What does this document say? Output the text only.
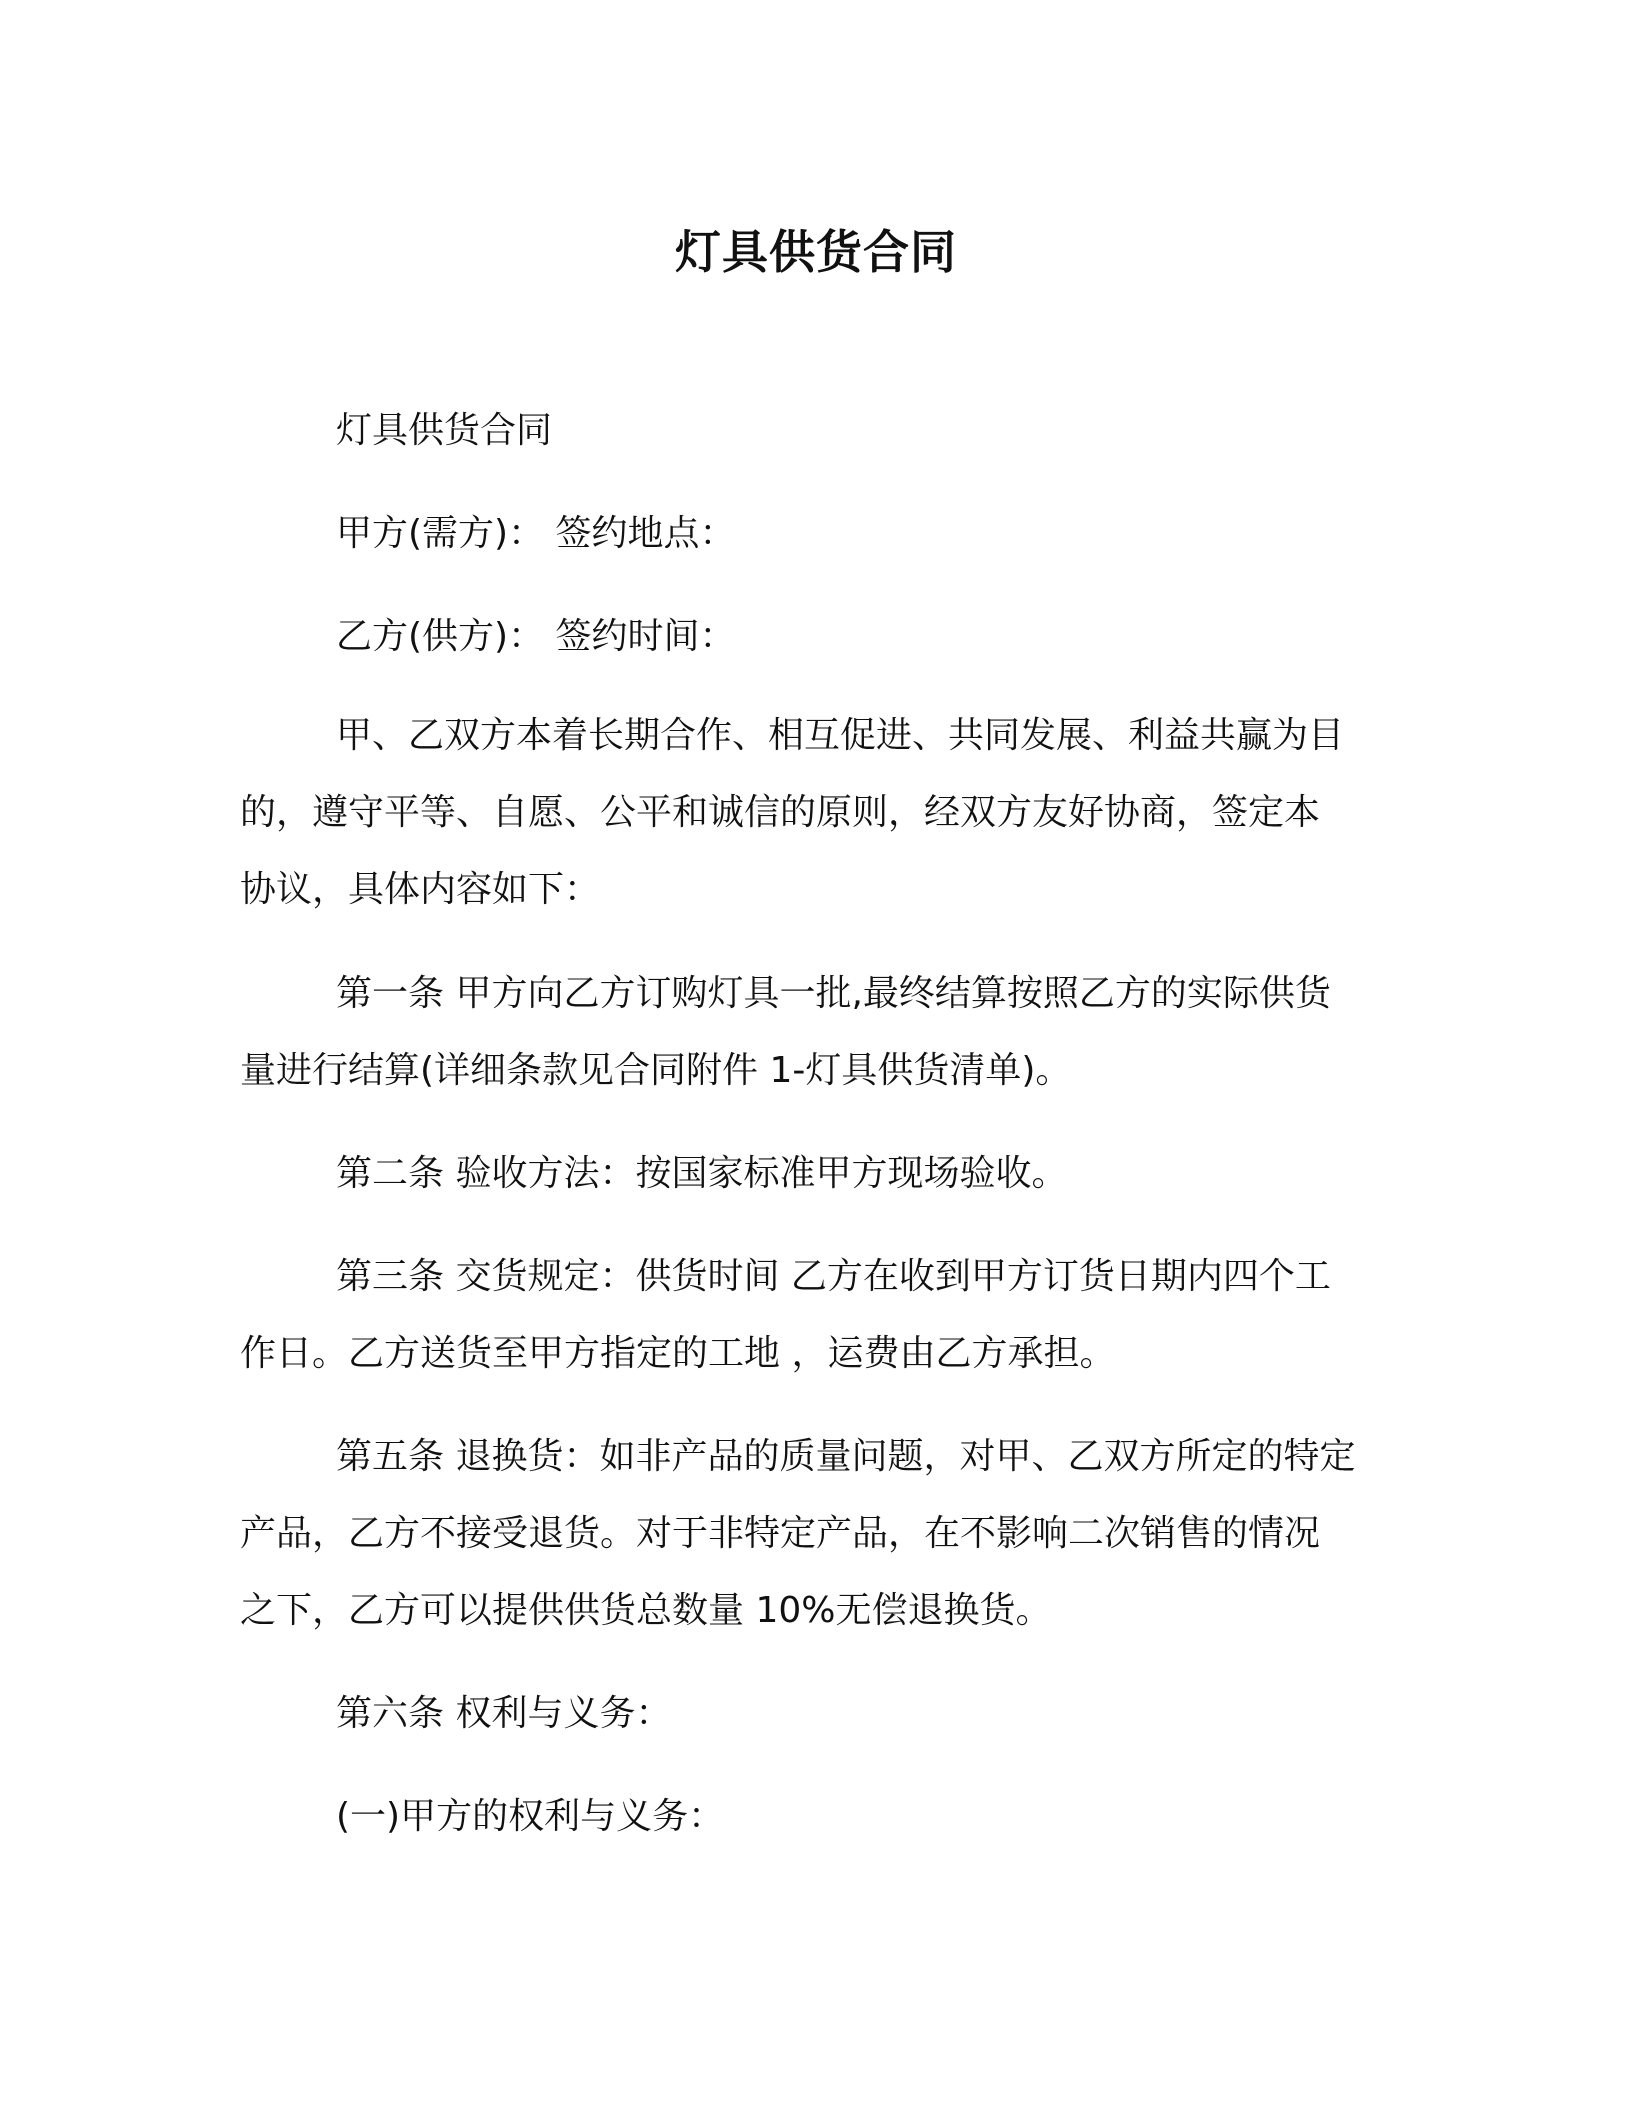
灯具供货合同
灯具供货合同
甲方(需方)： 签约地点：
乙方(供方)： 签约时间：
甲、乙双方本着长期合作、相互促进、共同发展、利益共赢为目
的，遵守平等、自愿、公平和诚信的原则，经双方友好协商，签定本
协议，具体内容如下：
第一条 甲方向乙方订购灯具一批,最终结算按照乙方的实际供货
量进行结算(详细条款见合同附件 1-灯具供货清单)。
第二条 验收方法：按国家标准甲方现场验收。
第三条 交货规定：供货时间 乙方在收到甲方订货日期内四个工
作日。乙方送货至甲方指定的工地 ，运费由乙方承担。
第五条 退换货：如非产品的质量问题，对甲、乙双方所定的特定
产品，乙方不接受退货。对于非特定产品，在不影响二次销售的情况
之下，乙方可以提供供货总数量 10%无偿退换货。
第六条 权利与义务：
(一)甲方的权利与义务：
